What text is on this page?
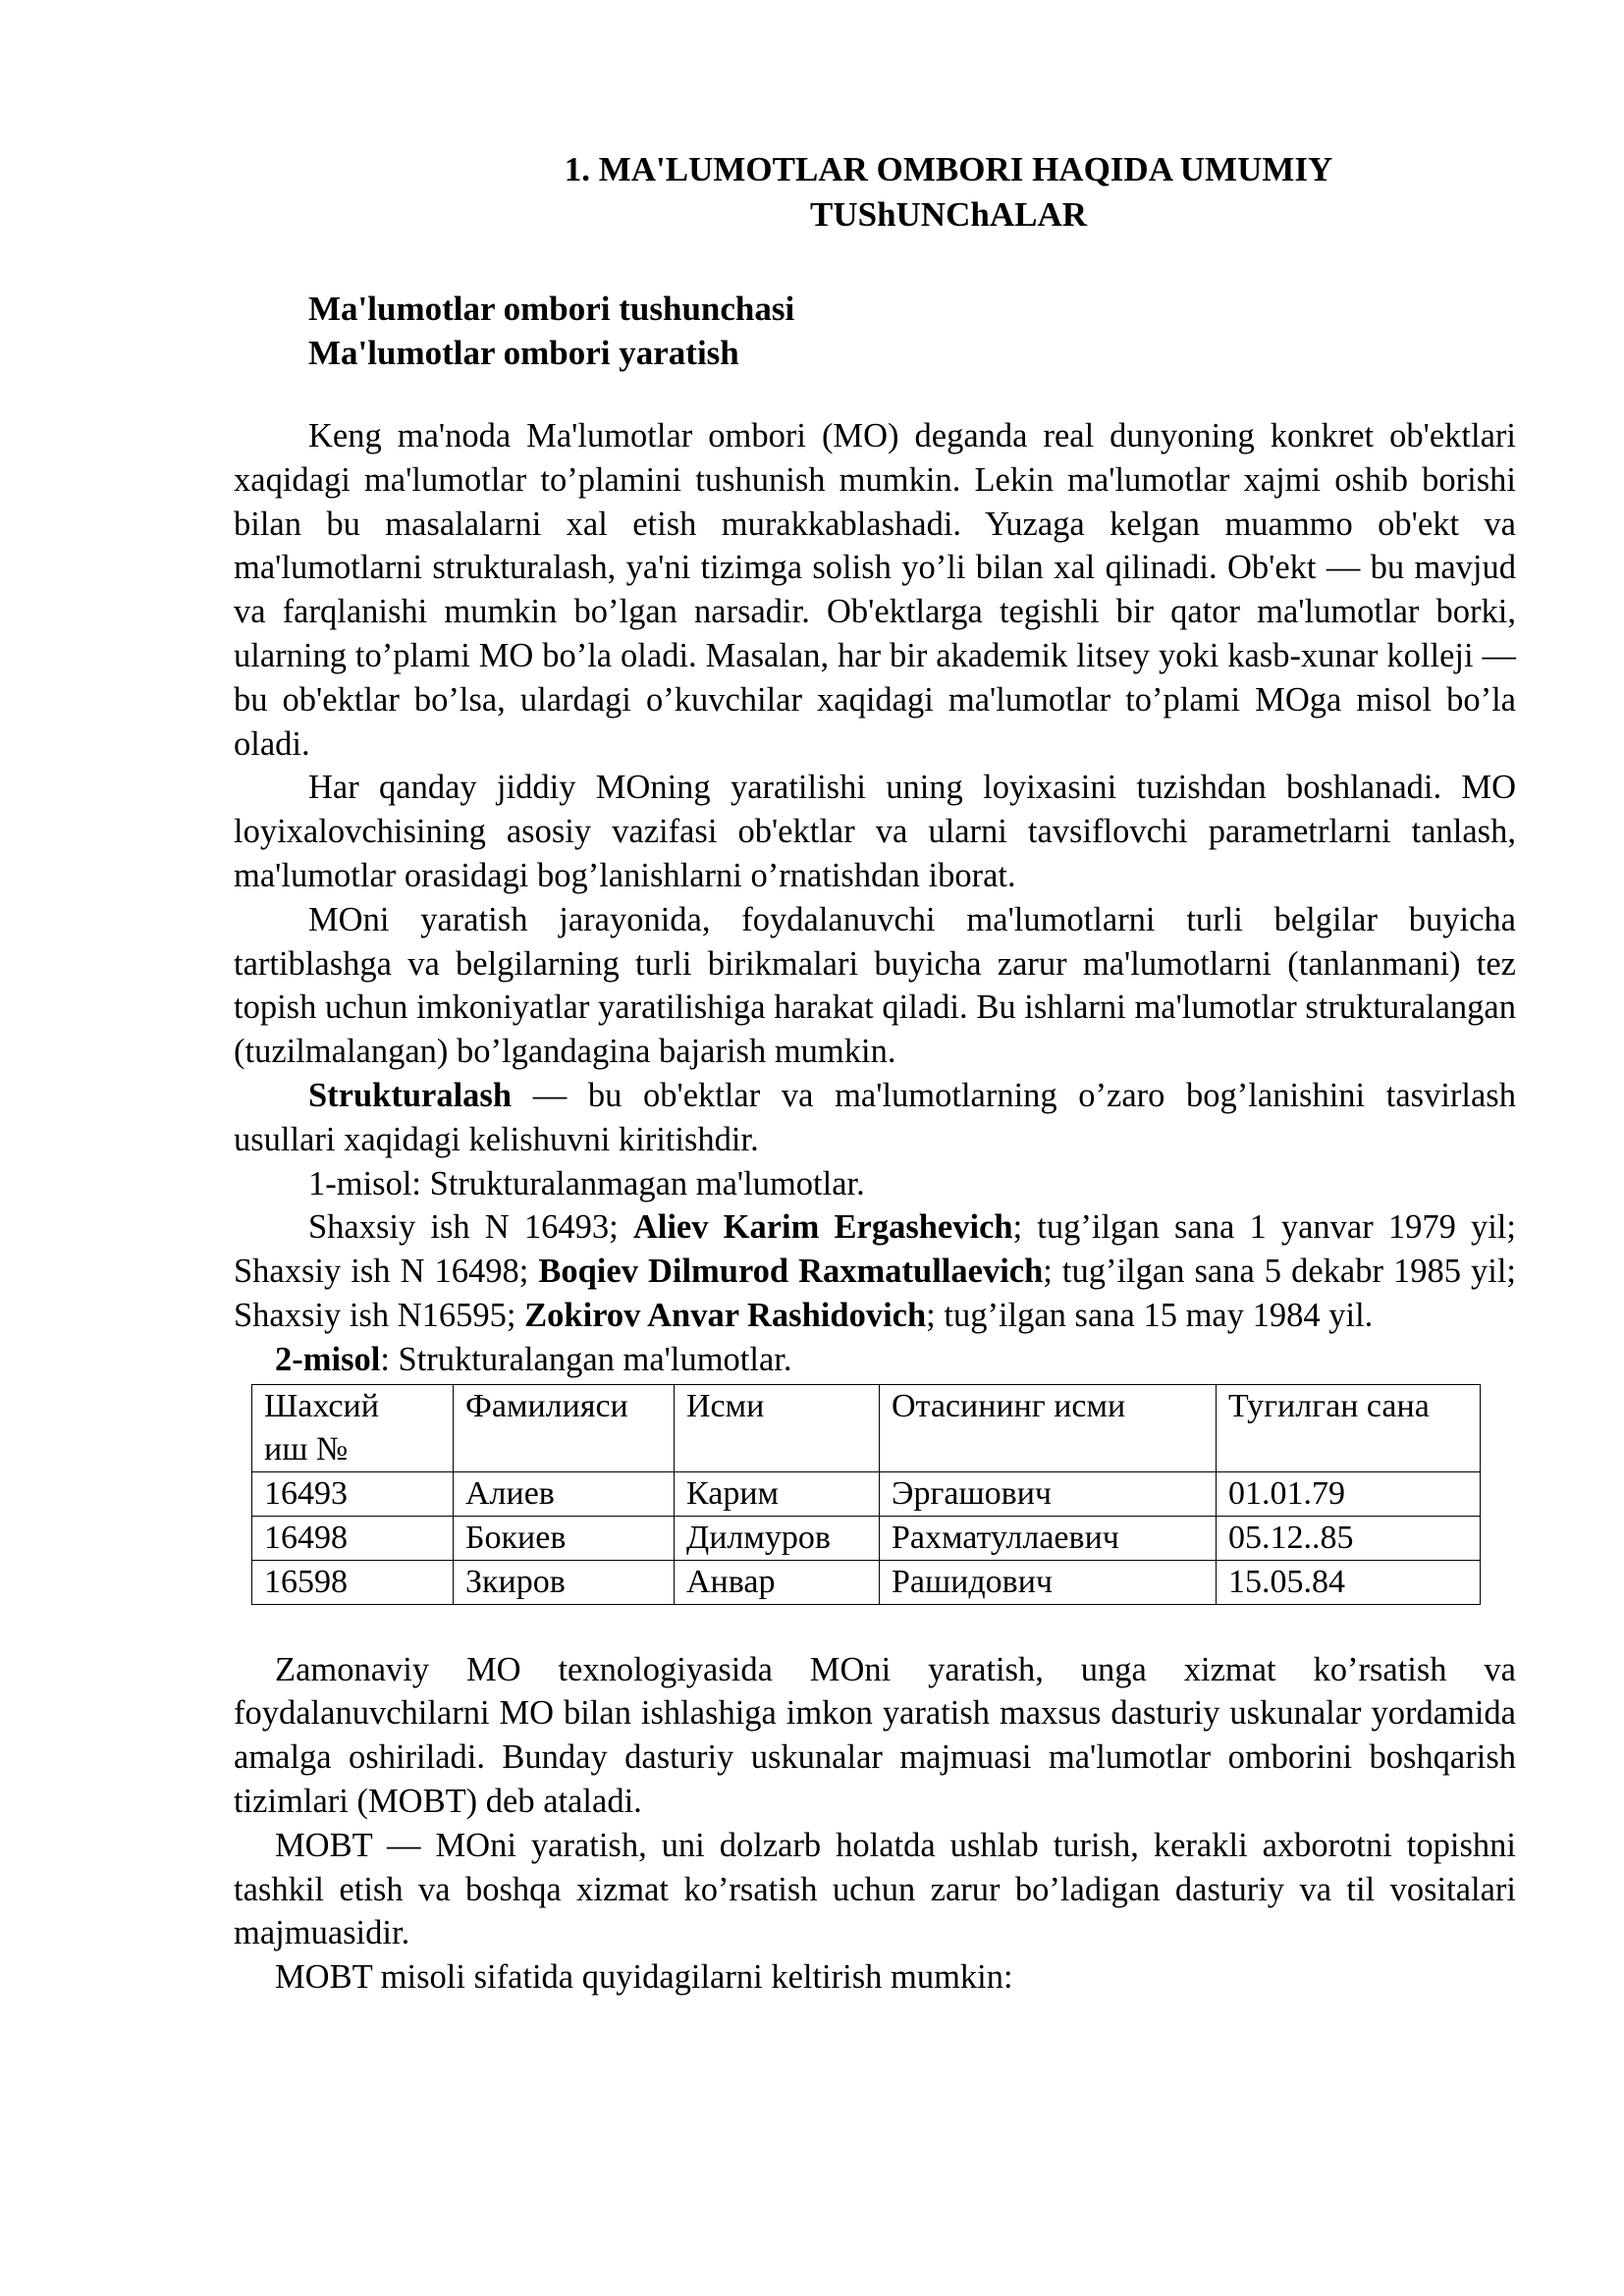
1. MA'LUMOTLAR OMBORI HAQIDA UMUMIY
TUShUNChALAR

Ma'lumotlar ombori tushunchasi

Ma'lumotlar ombori yaratish

Keng ma'noda Ma'lumotlar ombori (MO) deganda real dunyoning konkret ob'ektlari xaqidagi ma'lumotlar to’plamini tushunish mumkin. Lekin ma'lumotlar xajmi oshib borishi bilan bu masalalarni xal etish murakkablashadi. Yuzaga kelgan muammo ob'ekt va ma'lumotlarni strukturalash, ya'ni tizimga solish yo’li bilan xal qilinadi. Ob'ekt — bu mavjud va farqlanishi mumkin bo’lgan narsadir. Ob'ektlarga tegishli bir qator ma'lumotlar borki, ularning to’plami MO bo’la oladi. Masalan, har bir akademik litsey yoki kasb-xunar kolleji — bu ob'ektlar bo’lsa, ulardagi o’kuvchilar xaqidagi ma'lumotlar to’plami MOga misol bo’la oladi.

Har qanday jiddiy MOning yaratilishi uning loyixasini tuzishdan boshlanadi. MO loyixalovchisining asosiy vazifasi ob'ektlar va ularni tavsiflovchi parametrlarni tanlash, ma'lumotlar orasidagi bog’lanishlarni o’rnatishdan iborat.

MOni yaratish jarayonida, foydalanuvchi ma'lumotlarni turli belgilar buyicha tartiblashga va belgilarning turli birikmalari buyicha zarur ma'lumotlarni (tanlanmani) tez topish uchun imkoniyatlar yaratilishiga harakat qiladi. Bu ishlarni ma'lumotlar strukturalangan (tuzilmalangan) bo’lgandagina bajarish mumkin.

Strukturalash — bu ob'ektlar va ma'lumotlarning o’zaro bog’lanishini tasvirlash usullari xaqidagi kelishuvni kiritishdir.

1-misol: Strukturalanmagan ma'lumotlar.

Shaxsiy ish N 16493; Aliev Karim Ergashevich; tug’ilgan sana 1 yanvar 1979 yil; Shaxsiy ish N 16498; Boqiev Dilmurod Raxmatullaevich; tug’ilgan sana 5 dekabr 1985 yil; Shaxsiy ish N16595; Zokirov Anvar Rashidovich; tug’ilgan sana 15 may 1984 yil.

2-misol: Strukturalangan ma'lumotlar.

Шахсий иш №	Фамилияси	Исми	Отасининг исми	Тугилган сана
16493	Алиев	Карим	Эргашович	01.01.79
16498	Бокиев	Дилмуров	Рахматуллаевич	05.12..85
16598	Зкиров	Анвар	Рашидович	15.05.84

Zamonaviy MO texnologiyasida MOni yaratish, unga xizmat ko’rsatish va foydalanuvchilarni MO bilan ishlashiga imkon yaratish maxsus dasturiy uskunalar yordamida amalga oshiriladi. Bunday dasturiy uskunalar majmuasi ma'lumotlar omborini boshqarish tizimlari (MOBT) deb ataladi.

MOBT — MOni yaratish, uni dolzarb holatda ushlab turish, kerakli axborotni topishni tashkil etish va boshqa xizmat ko’rsatish uchun zarur bo’ladigan dasturiy va til vositalari majmuasidir.

MOBT misoli sifatida quyidagilarni keltirish mumkin:
